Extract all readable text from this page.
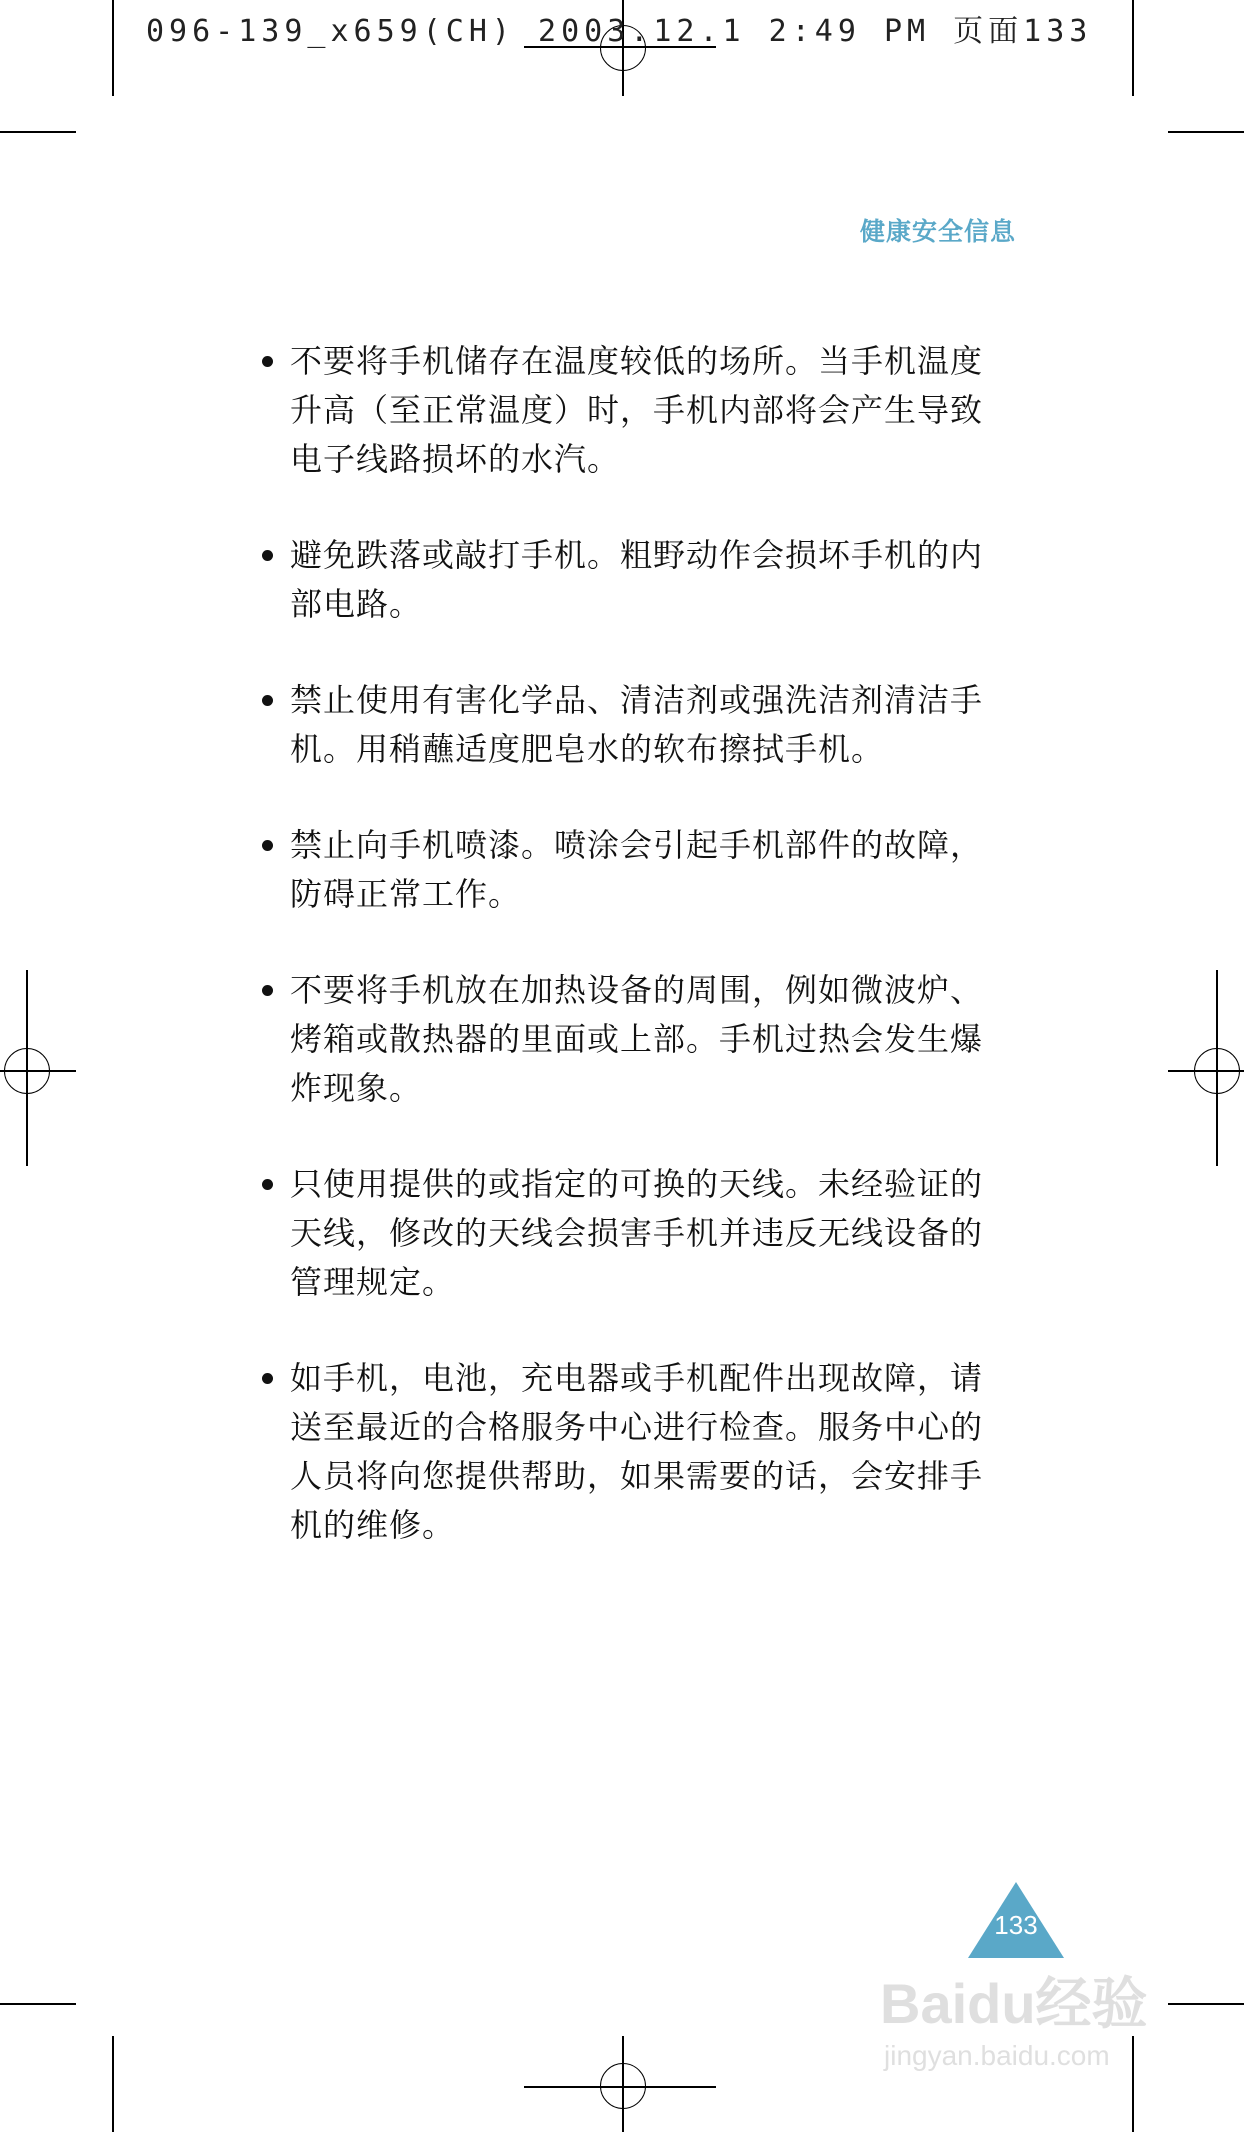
096-139_x659(CH) 2003.12.1 2:49 PM 页面133
健康安全信息
不要将手机储存在温度较低的场所。当手机温度升高（至正常温度）时，手机内部将会产生导致电子线路损坏的水汽。
避免跌落或敲打手机。粗野动作会损坏手机的内部电路。
禁止使用有害化学品、清洁剂或强洗洁剂清洁手机。用稍蘸适度肥皂水的软布擦拭手机。
禁止向手机喷漆。喷涂会引起手机部件的故障，防碍正常工作。
不要将手机放在加热设备的周围，例如微波炉、烤箱或散热器的里面或上部。手机过热会发生爆炸现象。
只使用提供的或指定的可换的天线。未经验证的天线，修改的天线会损害手机并违反无线设备的管理规定。
如手机，电池，充电器或手机配件出现故障，请送至最近的合格服务中心进行检查。服务中心的人员将向您提供帮助，如果需要的话，会安排手机的维修。
133
Baidu经验
jingyan.baidu.com
